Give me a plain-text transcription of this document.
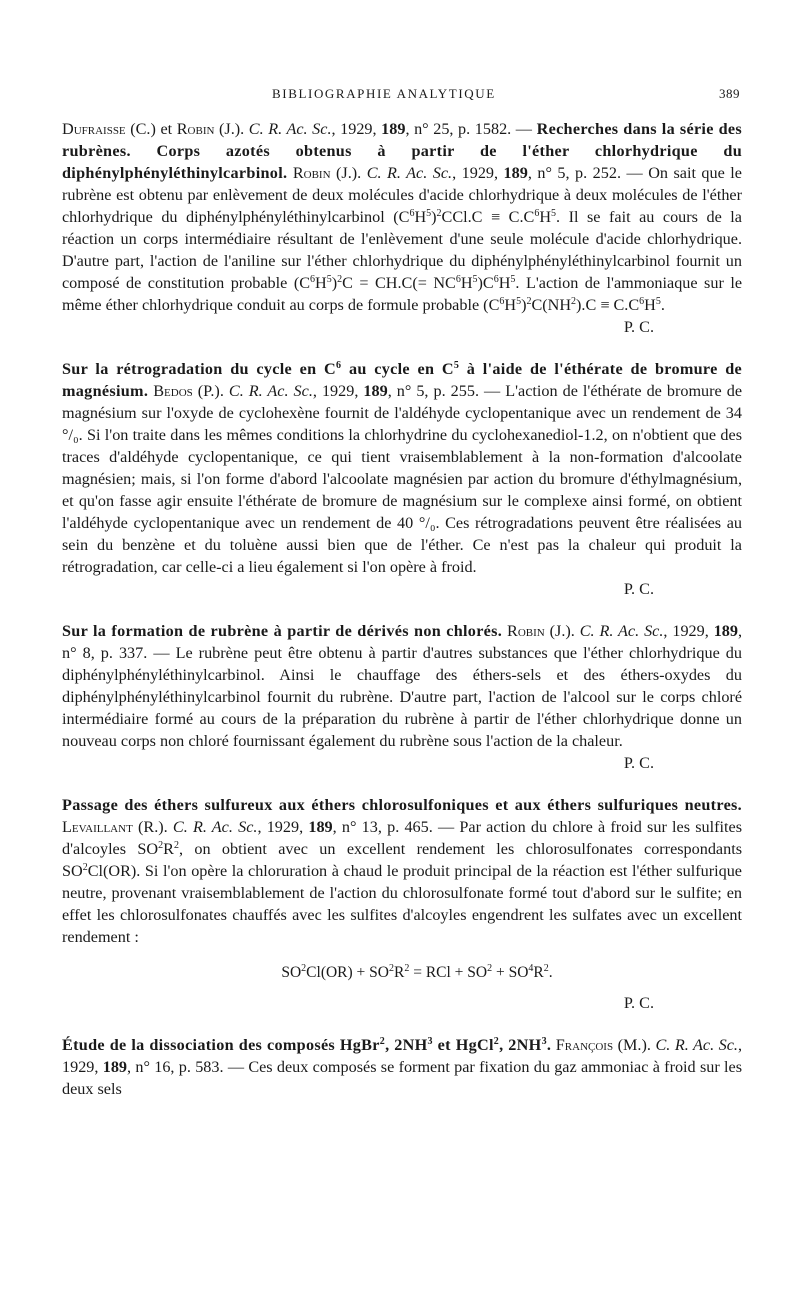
BIBLIOGRAPHIE ANALYTIQUE	389

Dufraisse (C.) et Robin (J.). C. R. Ac. Sc., 1929, 189, n° 25, p. 1582. — Recherches dans la série des rubrènes. Corps azotés obtenus à partir de l'éther chlorhydrique du diphénylphényléthinylcarbinol. Robin (J.). C. R. Ac. Sc., 1929, 189, n° 5, p. 252. — On sait que le rubrène est obtenu par enlèvement de deux molécules d'acide chlorhydrique à deux molécules de l'éther chlorhydrique du diphénylphényléthinylcarbinol $(C^6H^5)^2CCl.C \equiv C.C^6H^5$. Il se fait au cours de la réaction un corps intermédiaire résultant de l'enlèvement d'une seule molécule d'acide chlorhydrique. D'autre part, l'action de l'aniline sur l'éther chlorhydrique du diphénylphényléthinylcarbinol fournit un composé de constitution probable $(C^6H^5)^2C = CH.C(= NC^6H^5)C^6H^5$. L'action de l'ammoniaque sur le même éther chlorhydrique conduit au corps de formule probable $(C^6H^5)^2C(NH^2).C \equiv C.C^6H^5$.

P. C.

Sur la rétrogradation du cycle en $C^6$ au cycle en $C^5$ à l'aide de l'éthérate de bromure de magnésium. Bedos (P.). C. R. Ac. Sc., 1929, 189, n° 5, p. 255. — L'action de l'éthérate de bromure de magnésium sur l'oxyde de cyclohexène fournit de l'aldéhyde cyclopentanique avec un rendement de 34 °/₀. Si l'on traite dans les mêmes conditions la chlorhydrine du cyclohexanediol-1.2, on n'obtient que des traces d'aldéhyde cyclopentanique, ce qui tient vraisemblablement à la non-formation d'alcoolate magnésien; mais, si l'on forme d'abord l'alcoolate magnésien par action du bromure d'éthylmagnésium, et qu'on fasse agir ensuite l'éthérate de bromure de magnésium sur le complexe ainsi formé, on obtient l'aldéhyde cyclopentanique avec un rendement de 40 °/₀. Ces rétrogradations peuvent être réalisées au sein du benzène et du toluène aussi bien que de l'éther. Ce n'est pas la chaleur qui produit la rétrogradation, car celle-ci a lieu également si l'on opère à froid.

P. C.

Sur la formation de rubrène à partir de dérivés non chlorés. Robin (J.). C. R. Ac. Sc., 1929, 189, n° 8, p. 337. — Le rubrène peut être obtenu à partir d'autres substances que l'éther chlorhydrique du diphénylphényléthinylcarbinol. Ainsi le chauffage des éthers-sels et des éthers-oxydes du diphénylphényléthinylcarbinol fournit du rubrène. D'autre part, l'action de l'alcool sur le corps chloré intermédiaire formé au cours de la préparation du rubrène à partir de l'éther chlorhydrique donne un nouveau corps non chloré fournissant également du rubrène sous l'action de la chaleur.

P. C.

Passage des éthers sulfureux aux éthers chlorosulfoniques et aux éthers sulfuriques neutres. Levaillant (R.). C. R. Ac. Sc., 1929, 189, n° 13, p. 465. — Par action du chlore à froid sur les sulfites d'alcoyles $SO^2R^2$, on obtient avec un excellent rendement les chlorosulfonates correspondants $SO^2Cl(OR)$. Si l'on opère la chloruration à chaud le produit principal de la réaction est l'éther sulfurique neutre, provenant vraisemblablement de l'action du chlorosulfonate formé tout d'abord sur le sulfite; en effet les chlorosulfonates chauffés avec les sulfites d'alcoyles engendrent les sulfates avec un excellent rendement :

$SO^2Cl(OR) + SO^2R^2$ = RCl + $SO^2 + SO^4R^2$.

P. C.

Étude de la dissociation des composés HgBr$^2$, $2NH^3$ et HgCl$^2$, $2NH^3$. François (M.). C. R. Ac. Sc., 1929, 189, n° 16, p. 583. — Ces deux composés se forment par fixation du gaz ammoniac à froid sur les deux sels
